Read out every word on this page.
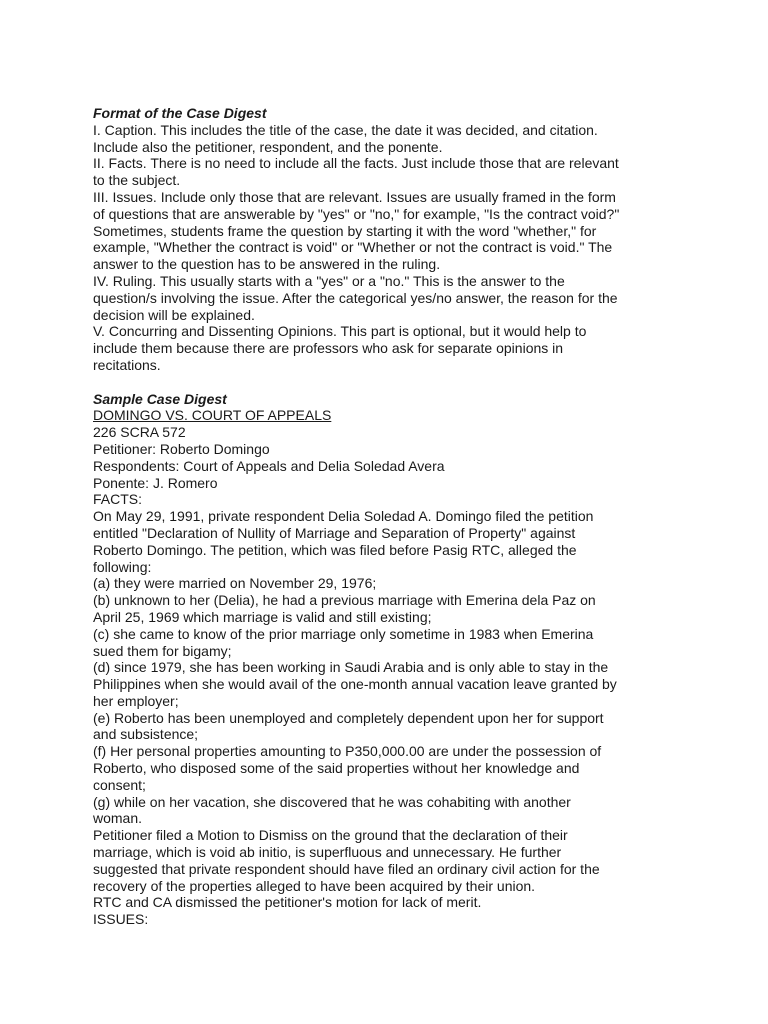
Format of the Case Digest
I. Caption. This includes the title of the case, the date it was decided, and citation.
Include also the petitioner, respondent, and the ponente.
II. Facts. There is no need to include all the facts. Just include those that are relevant
to the subject.
III. Issues. Include only those that are relevant. Issues are usually framed in the form
of questions that are answerable by "yes" or "no," for example, "Is the contract void?"
Sometimes, students frame the question by starting it with the word "whether," for
example, "Whether the contract is void" or "Whether or not the contract is void." The
answer to the question has to be answered in the ruling.
IV. Ruling. This usually starts with a "yes" or a "no." This is the answer to the
question/s involving the issue. After the categorical yes/no answer, the reason for the
decision will be explained.
V. Concurring and Dissenting Opinions. This part is optional, but it would help to
include them because there are professors who ask for separate opinions in
recitations.
Sample Case Digest
DOMINGO VS. COURT OF APPEALS
226 SCRA 572
Petitioner: Roberto Domingo
Respondents: Court of Appeals and Delia Soledad Avera
Ponente: J. Romero
FACTS:
On May 29, 1991, private respondent Delia Soledad A. Domingo filed the petition
entitled "Declaration of Nullity of Marriage and Separation of Property" against
Roberto Domingo. The petition, which was filed before Pasig RTC, alleged the
following:
(a) they were married on November 29, 1976;
(b) unknown to her (Delia), he had a previous marriage with Emerina dela Paz on
April 25, 1969 which marriage is valid and still existing;
(c) she came to know of the prior marriage only sometime in 1983 when Emerina
sued them for bigamy;
(d) since 1979, she has been working in Saudi Arabia and is only able to stay in the
Philippines when she would avail of the one-month annual vacation leave granted by
her employer;
(e) Roberto has been unemployed and completely dependent upon her for support
and subsistence;
(f) Her personal properties amounting to P350,000.00 are under the possession of
Roberto, who disposed some of the said properties without her knowledge and
consent;
(g) while on her vacation, she discovered that he was cohabiting with another
woman.
Petitioner filed a Motion to Dismiss on the ground that the declaration of their
marriage, which is void ab initio, is superfluous and unnecessary. He further
suggested that private respondent should have filed an ordinary civil action for the
recovery of the properties alleged to have been acquired by their union.
RTC and CA dismissed the petitioner's motion for lack of merit.
ISSUES:
